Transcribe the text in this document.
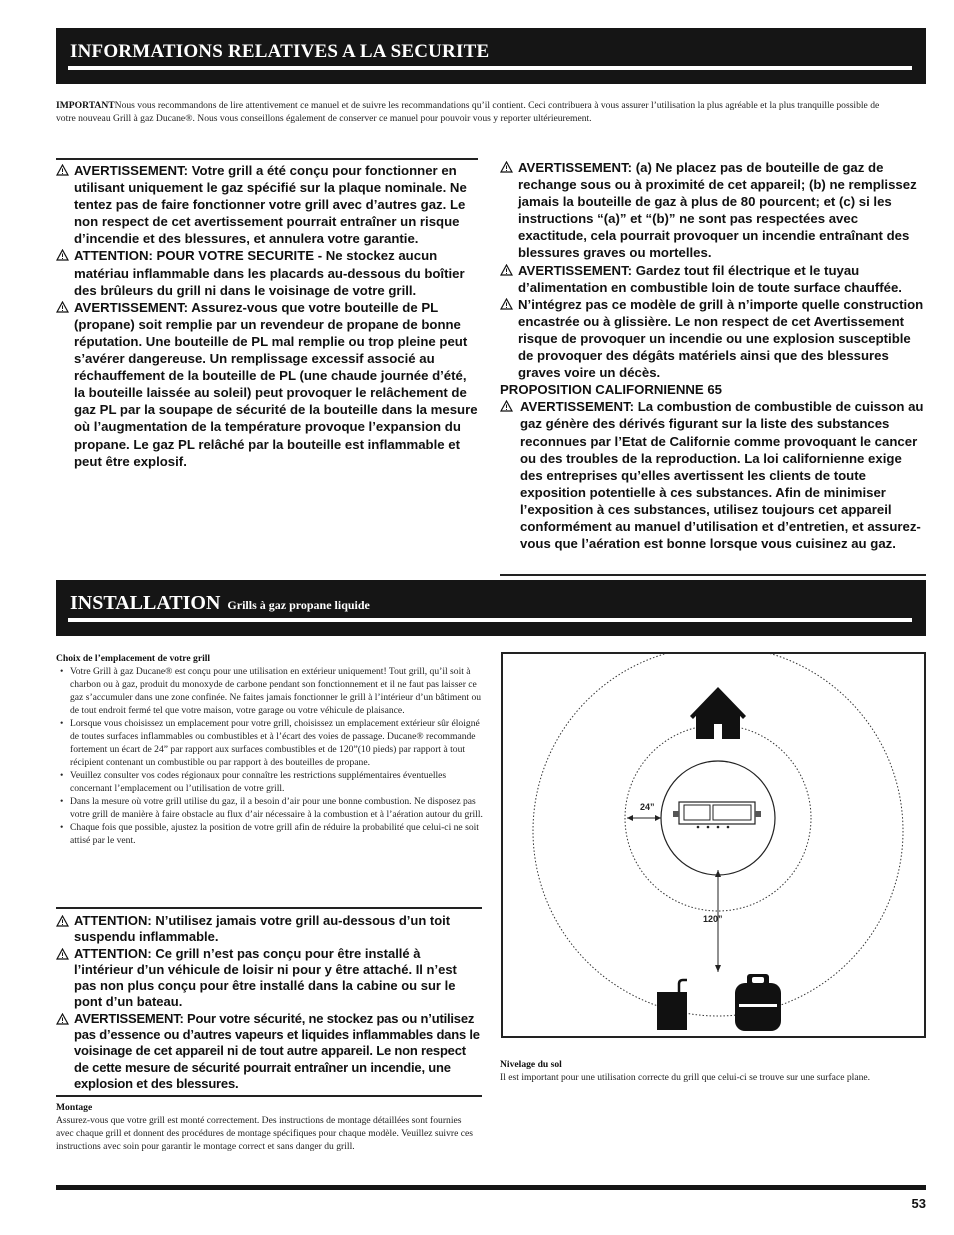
INFORMATIONS RELATIVES A LA SECURITE
IMPORTANTNous vous recommandons de lire attentivement ce manuel et de suivre les recommandations qu’il contient. Ceci contribuera à vous assurer l’utilisation la plus agréable et la plus tranquille possible de votre nouveau Grill à gaz Ducane®. Nous vous conseillons également de conserver ce manuel pour pouvoir vous y reporter ultérieurement.
AVERTISSEMENT: Votre grill a été conçu pour fonctionner en utilisant uniquement le gaz spécifié sur la plaque nominale. Ne tentez pas de faire fonctionner votre grill avec d’autres gaz. Le non respect de cet avertissement pourrait entraîner un risque d’incendie et des blessures, et annulera votre garantie.
ATTENTION: POUR VOTRE SECURITE - Ne stockez aucun matériau inflammable dans les placards au-dessous du boîtier des brûleurs du grill ni dans le voisinage de votre grill.
AVERTISSEMENT: Assurez-vous que votre bouteille de PL (propane) soit remplie par un revendeur de propane de bonne réputation. Une bouteille de PL mal remplie ou trop pleine peut s’avérer dangereuse. Un remplissage excessif associé au réchauffement de la bouteille de PL (une chaude journée d’été, la bouteille laissée au soleil) peut provoquer le relâchement de gaz PL par la soupape de sécurité de la bouteille dans la mesure où l’augmentation de la température provoque l’expansion du propane. Le gaz PL relâché par la bouteille est inflammable et peut être explosif.
AVERTISSEMENT: (a) Ne placez pas de bouteille de gaz de rechange sous ou à proximité de cet appareil; (b) ne remplissez jamais la bouteille de gaz à plus de 80 pourcent; et (c) si les instructions “(a)” et “(b)” ne sont pas respectées avec exactitude, cela pourrait provoquer un incendie entraînant des blessures graves ou mortelles.
AVERTISSEMENT: Gardez tout fil électrique et le tuyau d’alimentation en combustible loin de toute surface chauffée.
N’intégrez pas ce modèle de grill à n’importe quelle construction encastrée ou à glissière. Le non respect de cet Avertissement risque de provoquer un incendie ou une explosion susceptible de provoquer des dégâts matériels ainsi que des blessures graves voire un décès.
PROPOSITION CALIFORNIENNE 65
AVERTISSEMENT: La combustion de combustible de cuisson au gaz génère des dérivés figurant sur la liste des substances reconnues par l’Etat de Californie comme provoquant le cancer ou des troubles de la reproduction. La loi californienne exige des entreprises qu’elles avertissent les clients de toute exposition potentielle à ces substances. Afin de minimiser l’exposition à ces substances, utilisez toujours cet appareil conformément au manuel d’utilisation et d’entretien, et assurez-vous que l’aération est bonne lorsque vous cuisinez au gaz.
INSTALLATION Grills à gaz propane liquide
Choix de l’emplacement de votre grill
• Votre Grill à gaz Ducane® est conçu pour une utilisation en extérieur uniquement! Tout grill, qu’il soit à charbon ou à gaz, produit du monoxyde de carbone pendant son fonctionnement et il ne faut pas laisser ce gaz s’accumuler dans une zone confinée. Ne faites jamais fonctionner le grill à l’intérieur d’un bâtiment ou de tout endroit fermé tel que votre maison, votre garage ou votre véhicule de plaisance.
• Lorsque vous choisissez un emplacement pour votre grill, choisissez un emplacement extérieur sûr éloigné de toutes surfaces inflammables ou combustibles et à l’écart des voies de passage. Ducane® recommande fortement un écart de 24” par rapport aux surfaces combustibles et de 120”(10 pieds) par rapport à tout récipient contenant un combustible ou par rapport à des bouteilles de propane.
• Veuillez consulter vos codes régionaux pour connaître les restrictions supplémentaires éventuelles concernant l’emplacement ou l’utilisation de votre grill.
• Dans la mesure où votre grill utilise du gaz, il a besoin d’air pour une bonne combustion. Ne disposez pas votre grill de manière à faire obstacle au flux d’air nécessaire à la combustion et à l’aération autour du grill.
• Chaque fois que possible, ajustez la position de votre grill afin de réduire la probabilité que celui-ci ne soit attisé par le vent.
ATTENTION: N’utilisez jamais votre grill au-dessous d’un toit suspendu inflammable.
ATTENTION: Ce grill n’est pas conçu pour être installé à l’intérieur d’un véhicule de loisir ni pour y être attaché. Il n’est pas non plus conçu pour être installé dans la cabine ou sur le pont d’un bateau.
AVERTISSEMENT: Pour votre sécurité, ne stockez pas ou n’utilisez pas d’essence ou d’autres vapeurs et liquides inflammables dans le voisinage de cet appareil ni de tout autre appareil. Le non respect de cette mesure de sécurité pourrait entraîner un incendie, une explosion et des blessures.
Montage
Assurez-vous que votre grill est monté correctement. Des instructions de montage détaillées sont fournies avec chaque grill et donnent des procédures de montage spécifiques pour chaque modèle. Veuillez suivre ces instructions avec soin pour garantir le montage correct et sans danger du grill.
24”
120”
Nivelage du sol
Il est important pour une utilisation correcte du grill que celui-ci se trouve sur une surface plane.
53
